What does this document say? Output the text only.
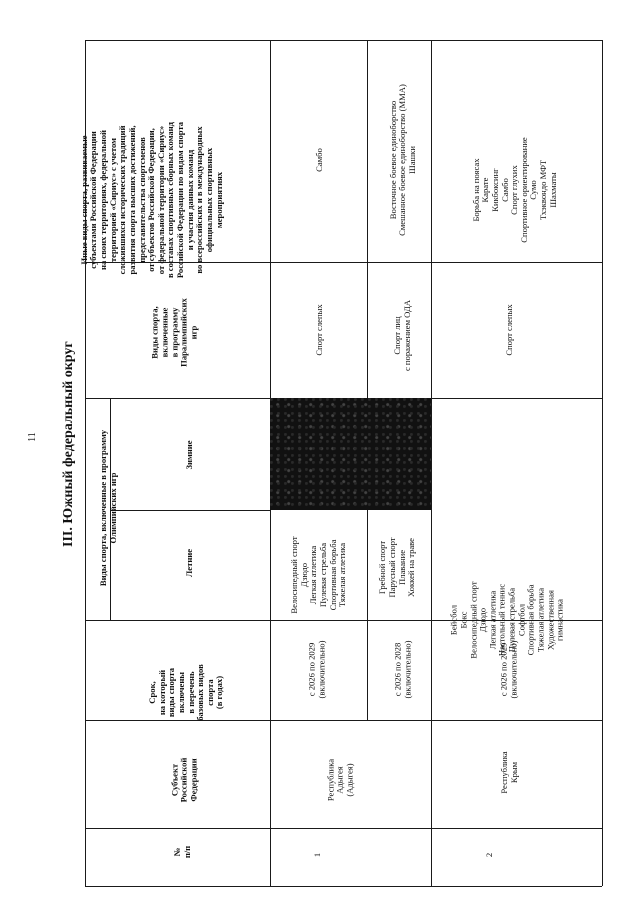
11 III. Южный федеральный округ
№
п/п
Субъект
Российской
Федерации
Срок,
на который
виды спорта
включены
в перечень
базовых видов
спорта
(в годах)
Виды спорта, включенные в программу
Олимпийских игр
Летние
Зимние
Виды спорта,
включенные
в программу
Паралимпийских
игр
Иные виды спорта, развиваемые
субъектами Российской Федерации
на своих территориях, федеральной
территорией «Сириус» с учетом
сложившихся исторических традиций
развития спорта высших достижений,
представительства спортсменов
от субъектов Российской Федерации,
от федеральной территории «Сириус»
в составах спортивных сборных команд
Российской Федерации по видам спорта
и участия данных команд
во всероссийских и в международных
официальных спортивных
мероприятиях
1
Республика
Адыгея
(Адыгея)
с 2026 по 2029
(включительно)
Велосипедный спорт
Дзюдо
Легкая атлетика
Пулевая стрельба
Спортивная борьба
Тяжелая атлетика
Спорт слепых
Самбо
с 2026 по 2028
(включительно)
Гребной спорт
Парусный спорт
Плавание
Хоккей на траве
Спорт лиц
с поражением ОДА
Восточное боевое единоборство
Смешанное боевое единоборство (ММА)
Шашки
2
Республика
Крым
с 2026 по 2029
(включительно)
Бейсбол
Бокс
Велосипедный спорт
Дзюдо
Легкая атлетика
Настольный теннис
Пулевая стрельба
Софтбол
Спортивная борьба
Тяжелая атлетика
Художественная
гимнастика
Спорт слепых
Борьба на поясах
Карате
Кикбоксинг
Самбо
Спорт глухих
Спортивное ориентирование
Сумо
Тхэквондо МФТ
Шахматы
